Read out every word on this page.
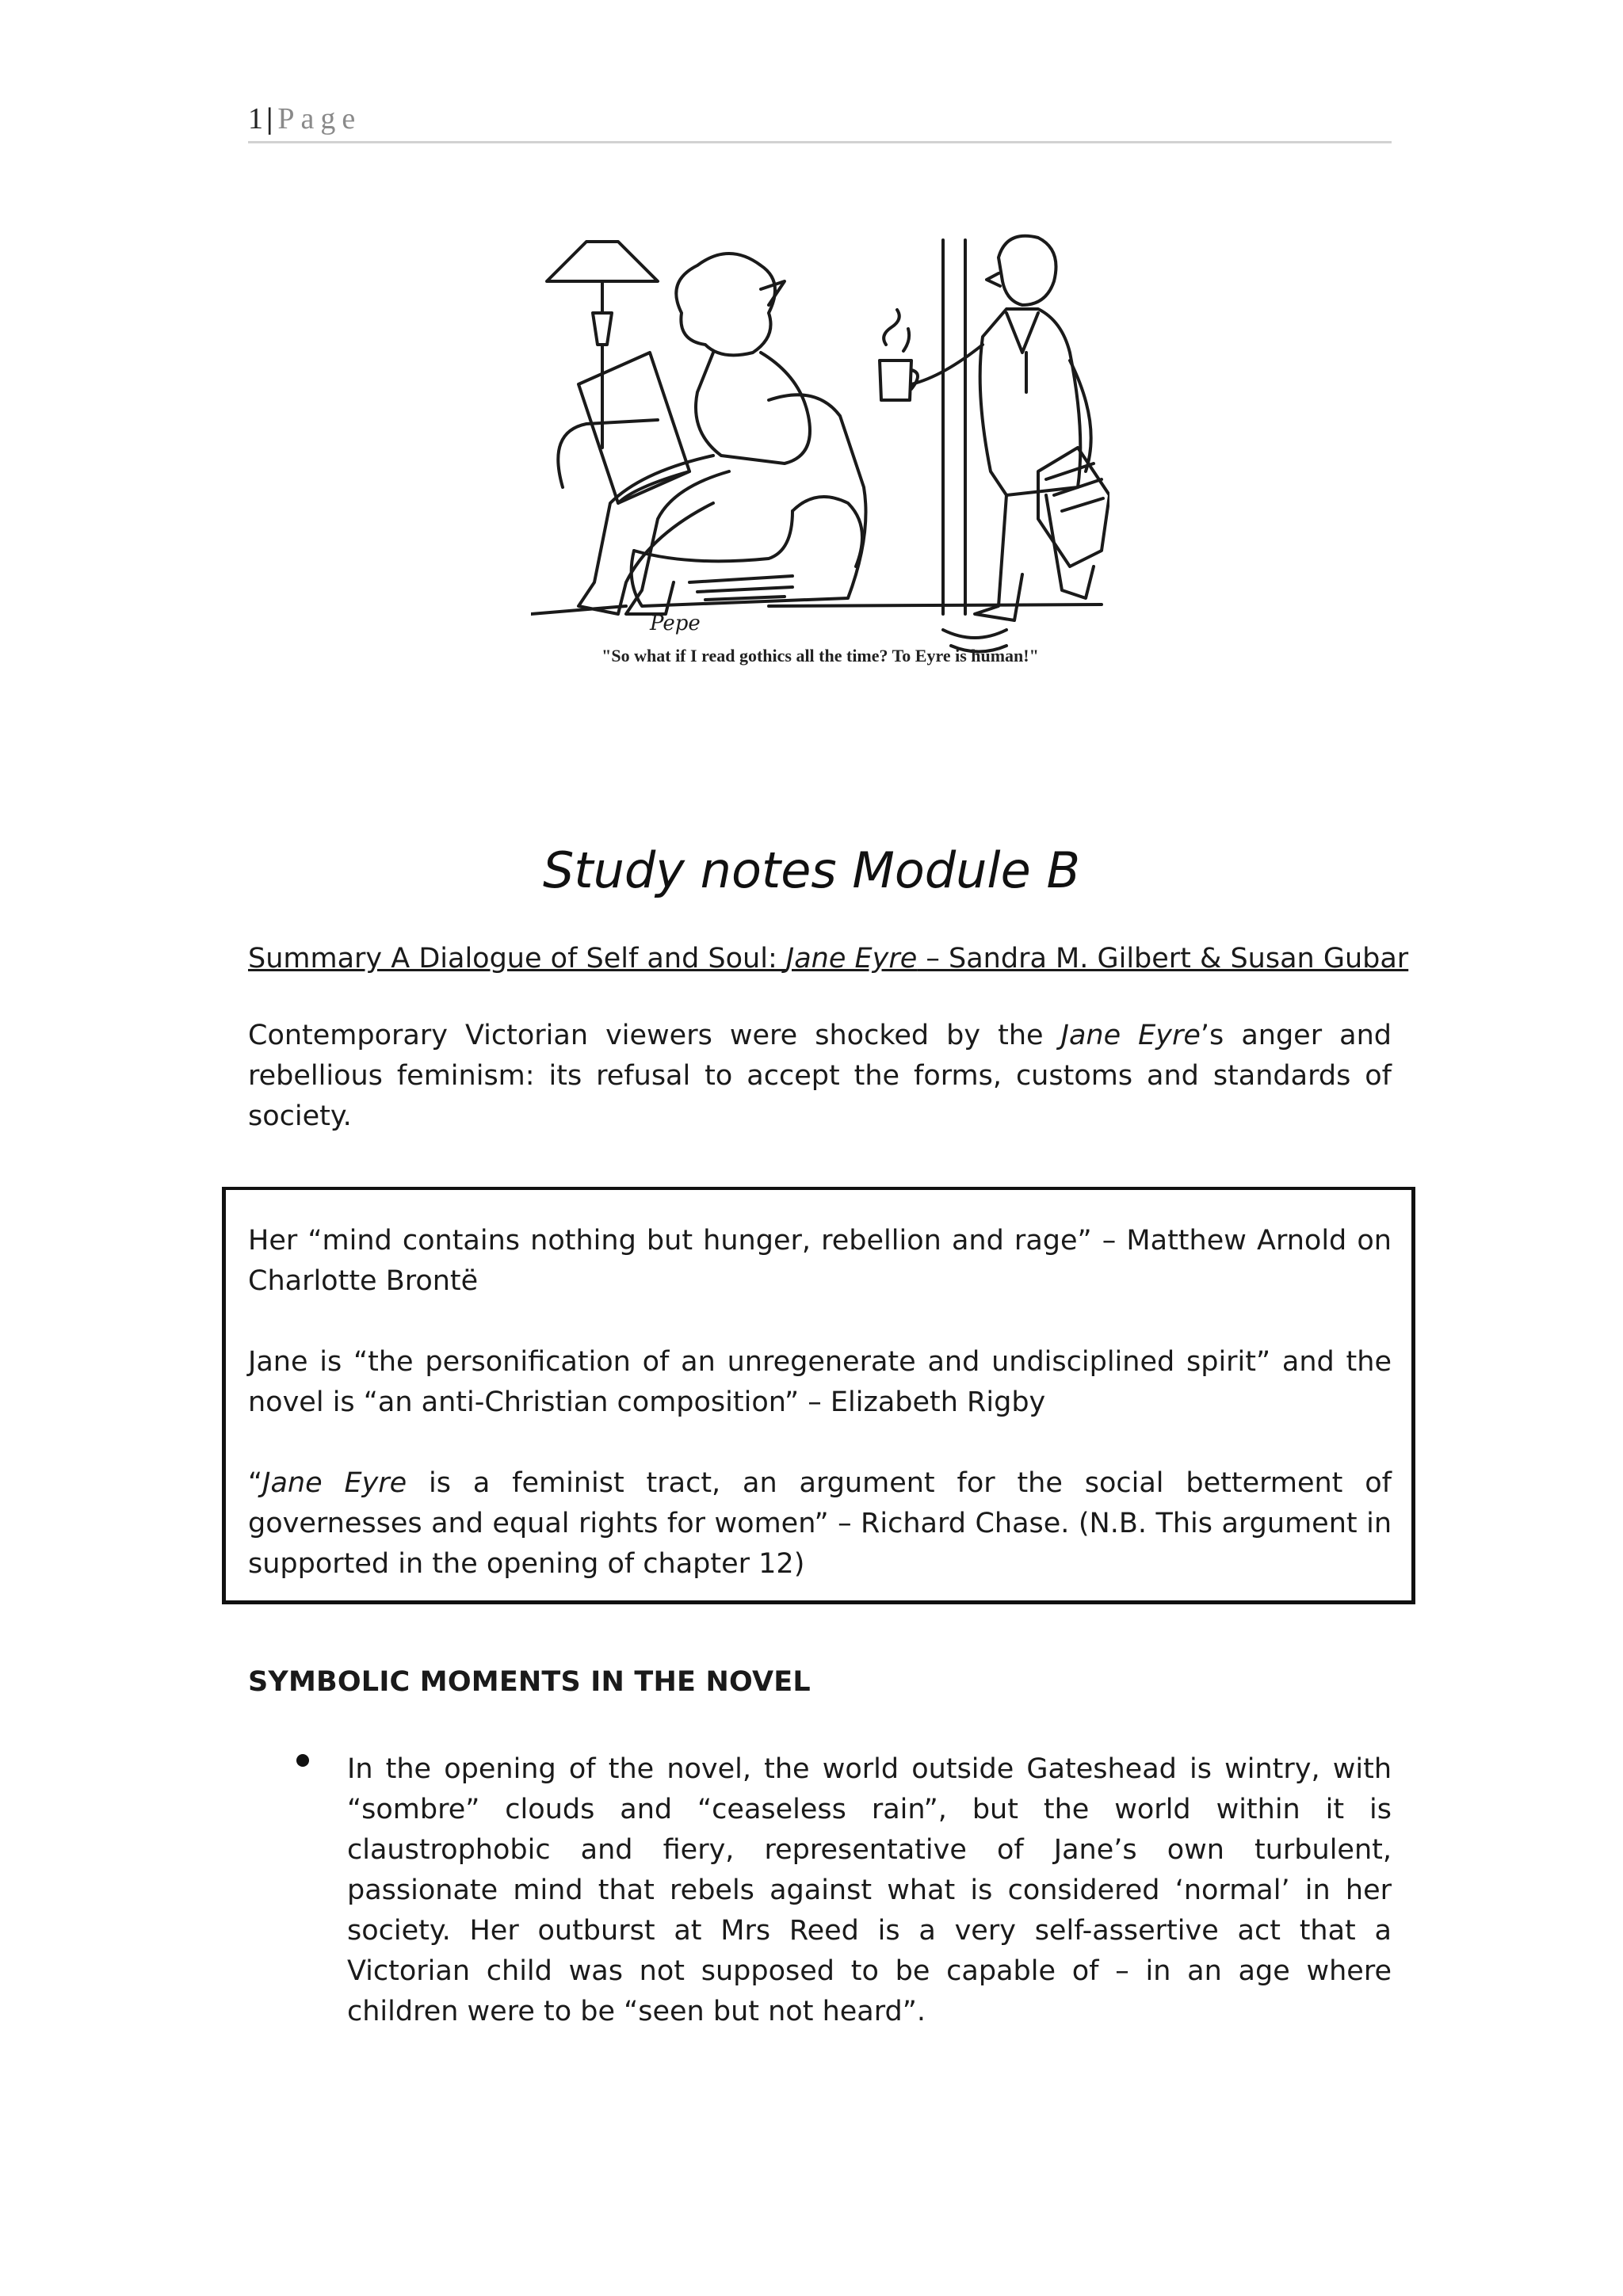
1| Page
Pepe
"So what if I read gothics all the time? To Eyre is human!"
Study notes Module B

Summary A Dialogue of Self and Soul: Jane Eyre – Sandra M. Gilbert & Susan Gubar

Contemporary Victorian viewers were shocked by the Jane Eyre’s anger and rebellious feminism: its refusal to accept the forms, customs and standards of society.

Her “mind contains nothing but hunger, rebellion and rage” – Matthew Arnold on Charlotte Brontë

Jane is “the personification of an unregenerate and undisciplined spirit” and the novel is “an anti-Christian composition” – Elizabeth Rigby

“Jane Eyre is a feminist tract, an argument for the social betterment of governesses and equal rights for women” – Richard Chase. (N.B. This argument in supported in the opening of chapter 12)

SYMBOLIC MOMENTS IN THE NOVEL

In the opening of the novel, the world outside Gateshead is wintry, with “sombre” clouds and “ceaseless rain”, but the world within it is claustrophobic and fiery, representative of Jane’s own turbulent, passionate mind that rebels against what is considered ‘normal’ in her society. Her outburst at Mrs Reed is a very self-assertive act that a Victorian child was not supposed to be capable of – in an age where children were to be “seen but not heard”.
